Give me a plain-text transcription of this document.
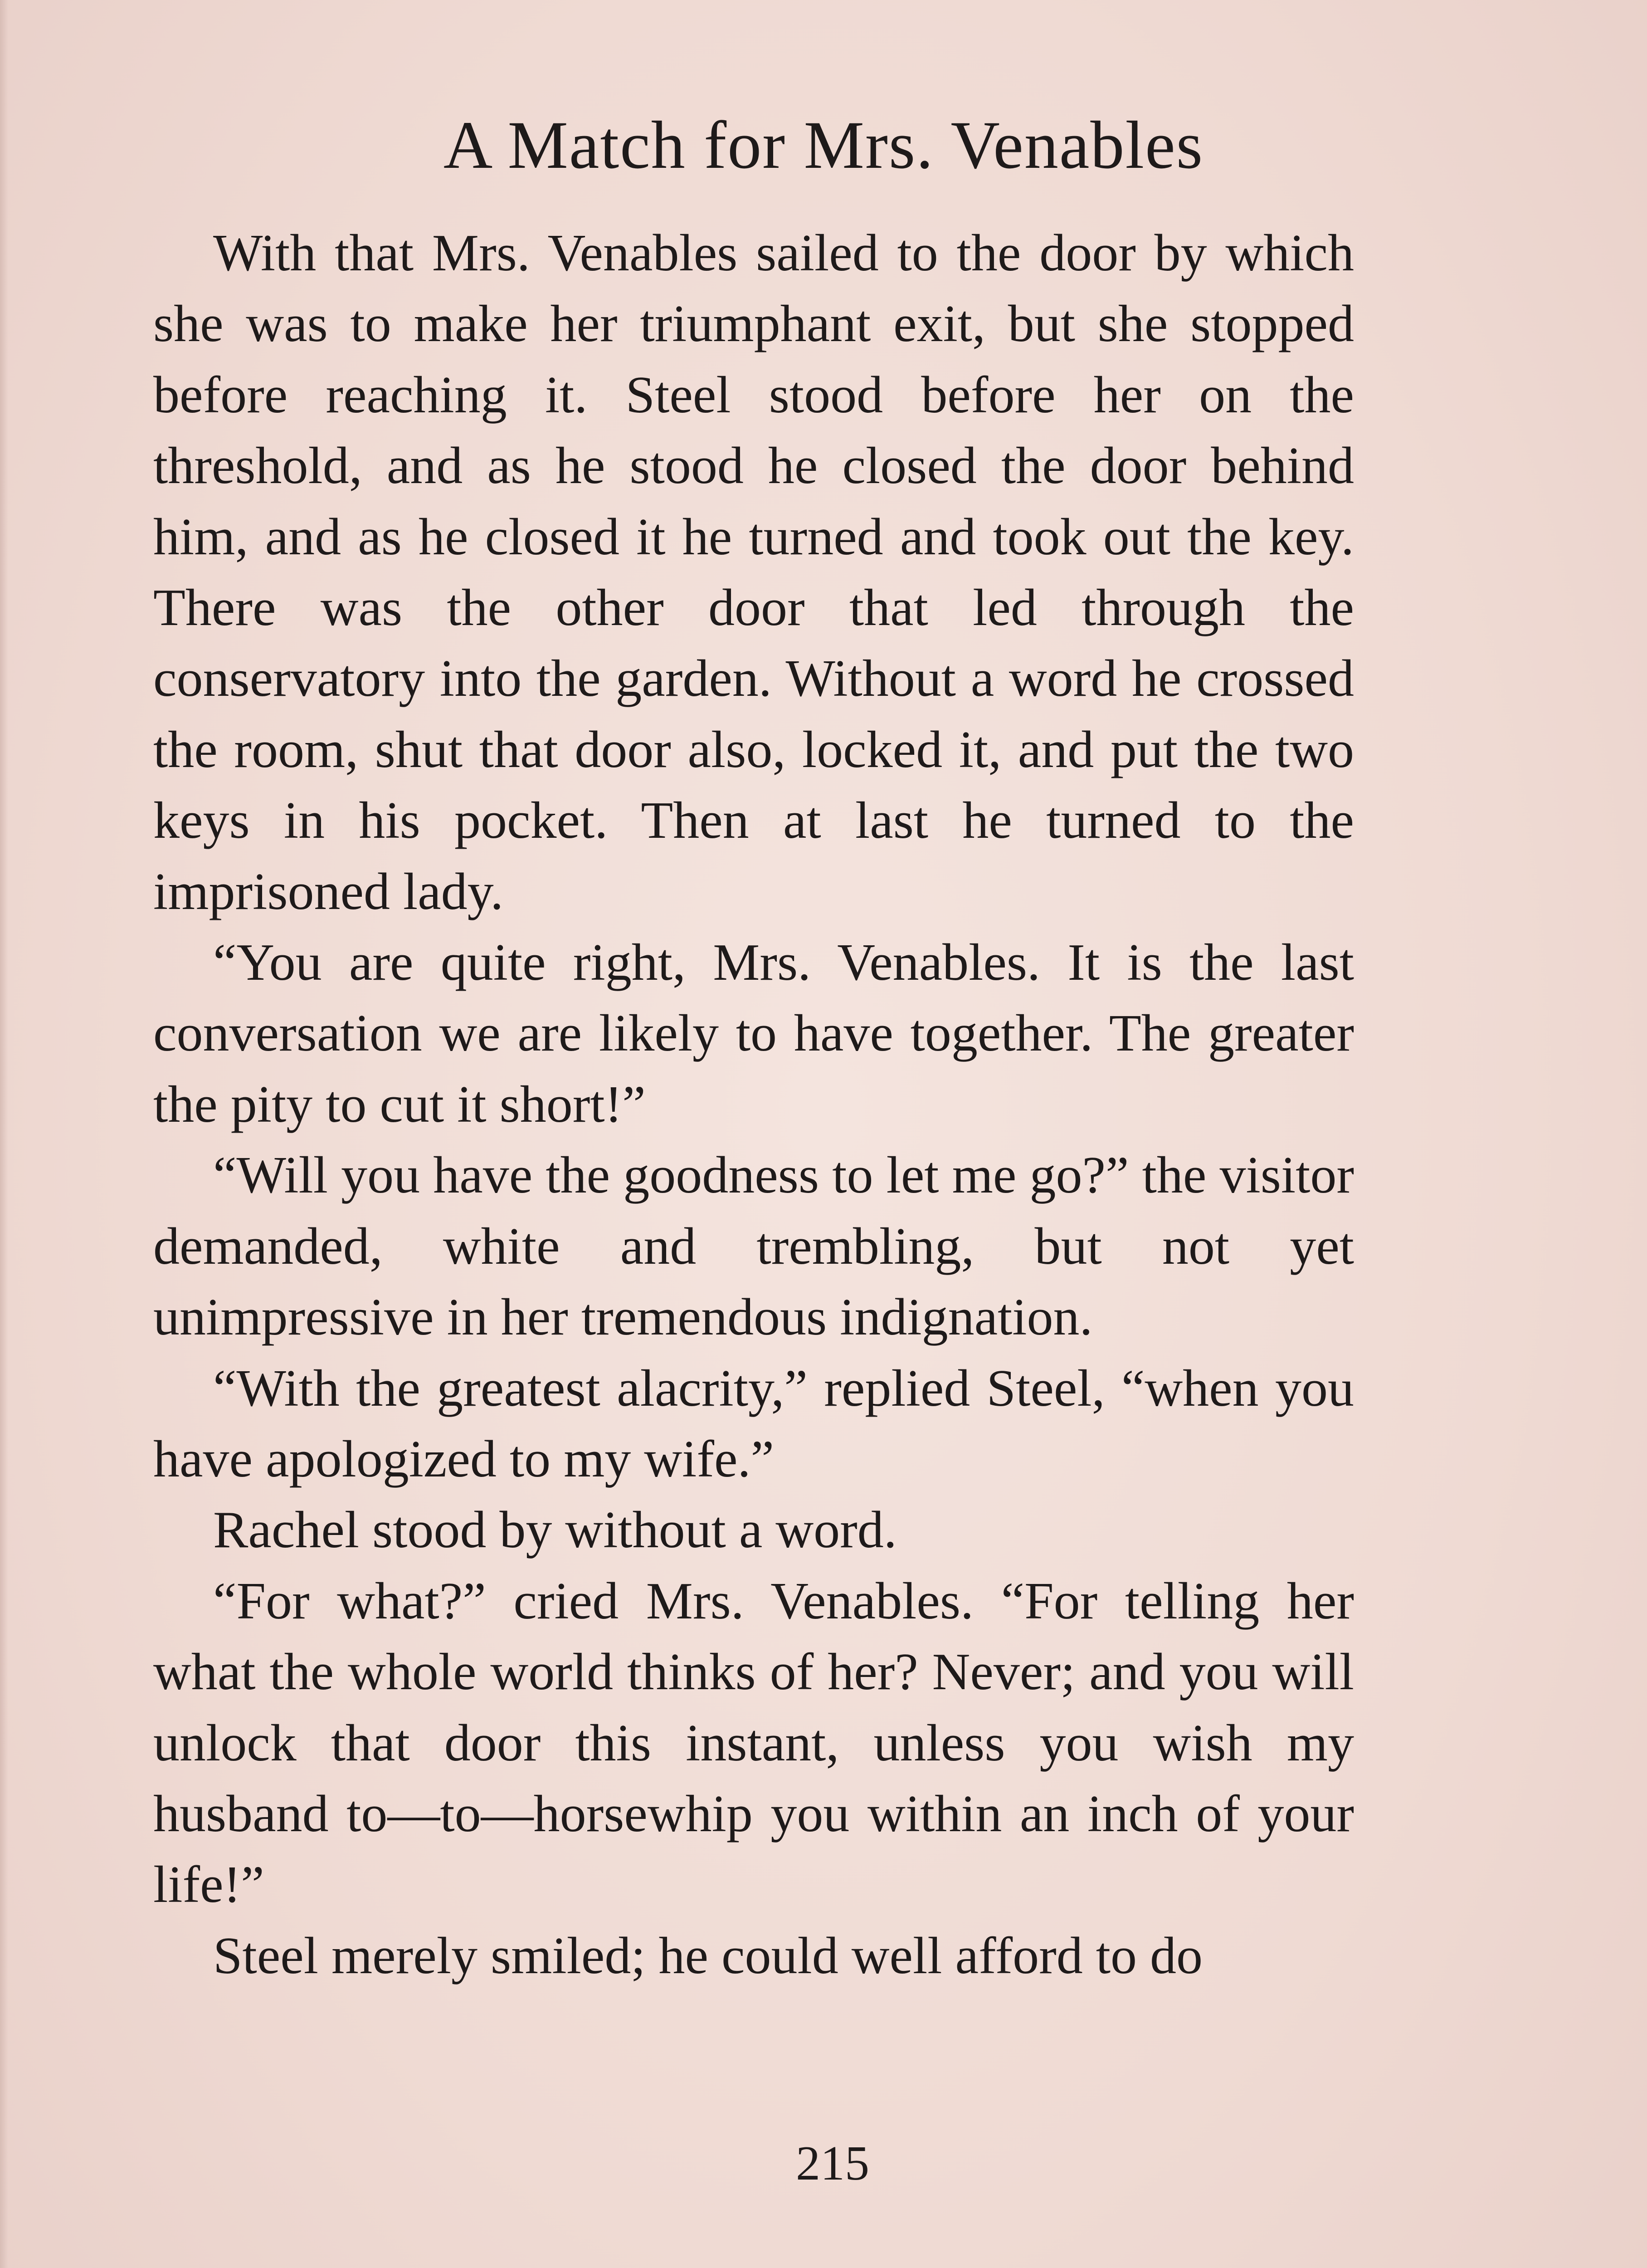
A Match for Mrs. Venables

With that Mrs. Venables sailed to the door by which she was to make her triumphant exit, but she stopped before reaching it. Steel stood before her on the threshold, and as he stood he closed the door behind him, and as he closed it he turned and took out the key. There was the other door that led through the conservatory into the garden. Without a word he crossed the room, shut that door also, locked it, and put the two keys in his pocket. Then at last he turned to the imprisoned lady.

“You are quite right, Mrs. Venables. It is the last conversation we are likely to have together. The greater the pity to cut it short!”

“Will you have the goodness to let me go?” the visitor demanded, white and trembling, but not yet unimpressive in her tremendous indignation.

“With the greatest alacrity,” replied Steel, “when you have apologized to my wife.”

Rachel stood by without a word.

“For what?” cried Mrs. Venables. “For telling her what the whole world thinks of her? Never; and you will unlock that door this instant, unless you wish my husband to—to—horsewhip you within an inch of your life!”

Steel merely smiled; he could well afford to do

215
